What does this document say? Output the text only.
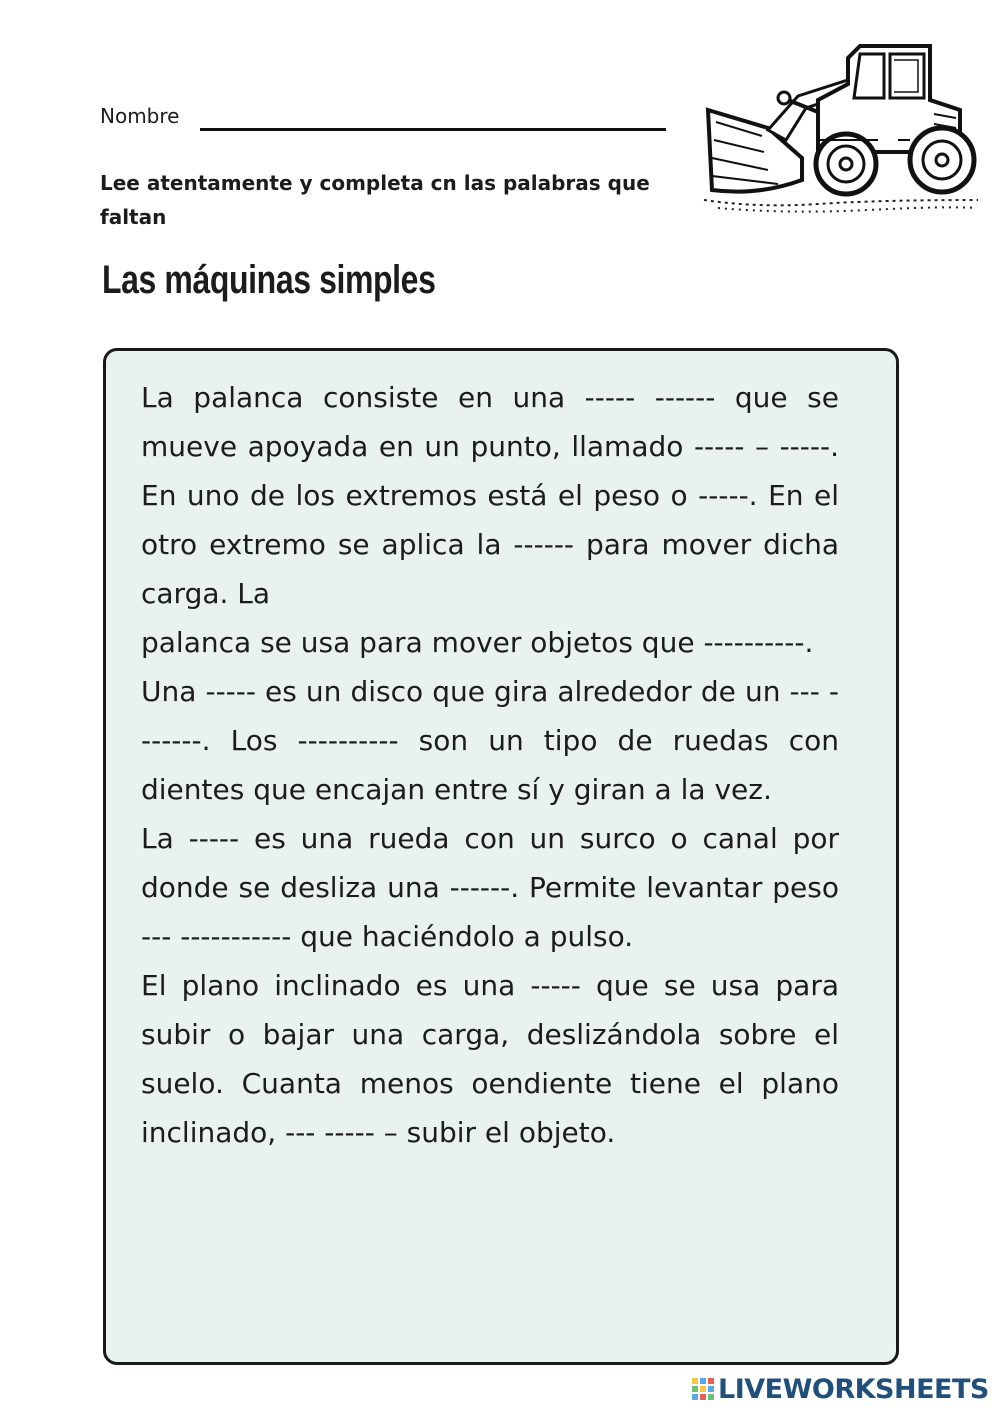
Nombre
Lee atentamente y completa cn las palabras que faltan
Las máquinas simples

La palanca consiste en una ----- ------ que se mueve apoyada en un punto, llamado ----- – -----. En uno de los extremos está el peso o -----. En el otro extremo se aplica la ------ para mover dicha carga. La

palanca se usa para mover objetos que ----------.

Una ----- es un disco que gira alrededor de un --- -------. Los ---------- son un tipo de ruedas con dientes que encajan entre sí y giran a la vez.

La ----- es una rueda con un surco o canal por donde se desliza una ------. Permite levantar peso --- ----------- que haciéndolo a pulso.

El plano inclinado es una ----- que se usa para subir o bajar una carga, deslizándola sobre el suelo. Cuanta menos oendiente tiene el plano inclinado, --- ----- – subir el objeto.

LIVEWORKSHEETS
